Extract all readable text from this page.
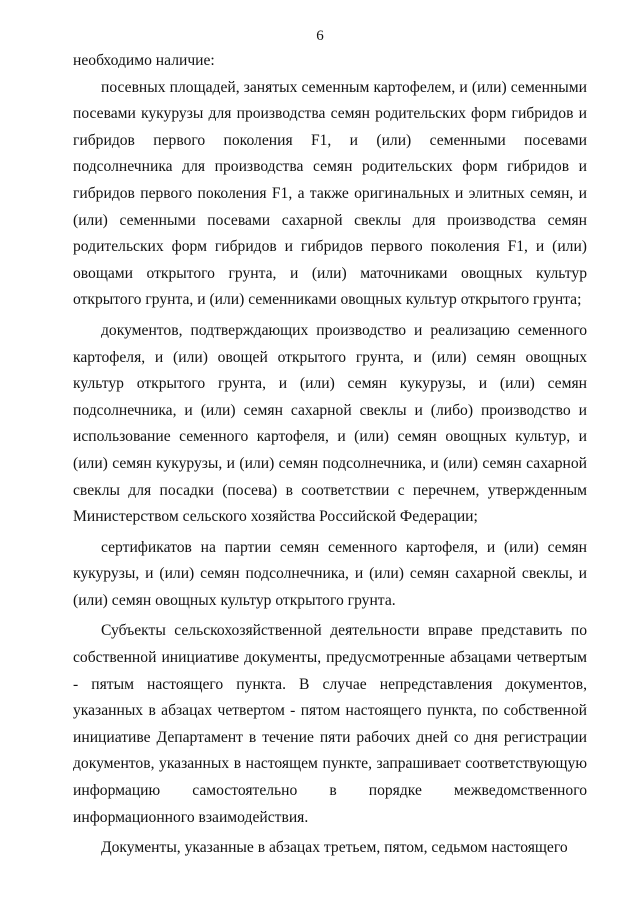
6

необходимо наличие:

посевных площадей, занятых семенным картофелем, и (или) семенными посевами кукурузы для производства семян родительских форм гибридов и гибридов первого поколения F1, и (или) семенными посевами подсолнечника для производства семян родительских форм гибридов и гибридов первого поколения F1, а также оригинальных и элитных семян, и (или) семенными посевами сахарной свеклы для производства семян родительских форм гибридов и гибридов первого поколения F1, и (или) овощами открытого грунта, и (или) маточниками овощных культур открытого грунта, и (или) семенниками овощных культур открытого грунта;

документов, подтверждающих производство и реализацию семенного картофеля, и (или) овощей открытого грунта, и (или) семян овощных культур открытого грунта, и (или) семян кукурузы, и (или) семян подсолнечника, и (или) семян сахарной свеклы и (либо) производство и использование семенного картофеля, и (или) семян овощных культур, и (или) семян кукурузы, и (или) семян подсолнечника, и (или) семян сахарной свеклы для посадки (посева) в соответствии с перечнем, утвержденным Министерством сельского хозяйства Российской Федерации;

сертификатов на партии семян семенного картофеля, и (или) семян кукурузы, и (или) семян подсолнечника, и (или) семян сахарной свеклы, и (или) семян овощных культур открытого грунта.

Субъекты сельскохозяйственной деятельности вправе представить по собственной инициативе документы, предусмотренные абзацами четвертым - пятым настоящего пункта. В случае непредставления документов, указанных в абзацах четвертом - пятом настоящего пункта, по собственной инициативе Департамент в течение пяти рабочих дней со дня регистрации документов, указанных в настоящем пункте, запрашивает соответствующую информацию самостоятельно в порядке межведомственного информационного взаимодействия.

Документы, указанные в абзацах третьем, пятом, седьмом настоящего
